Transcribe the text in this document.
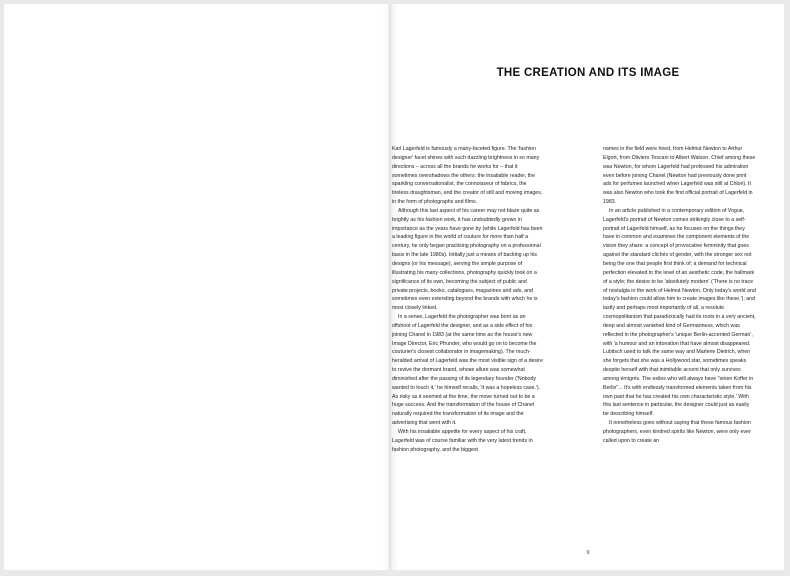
THE CREATION AND ITS IMAGE

Karl Lagerfeld is famously a many-faceted figure. The 'fashion designer' facet shines with such dazzling brightness in so many directions – across all the brands he works for – that it sometimes overshadows the others: the insatiable reader, the sparkling conversationalist, the connoisseur of fabrics, the tireless draughtsman, and the creator of still and moving images, in the form of photographs and films.

Although this last aspect of his career may not blaze quite as brightly as his fashion work, it has undoubtedly grown in importance as the years have gone by (while Lagerfeld has been a leading figure in the world of couture for more than half a century, he only began practising photography on a professional basis in the late 1980s). Initially just a means of backing up his designs (or his message), serving the simple purpose of illustrating his many collections, photography quickly took on a significance of its own, becoming the subject of public and private projects, books, catalogues, magazines and ads, and sometimes even extending beyond the brands with which he is most closely linked.

In a sense, Lagerfeld the photographer was born as an offshoot of Lagerfeld the designer, and as a side effect of his joining Chanel in 1983 (at the same time as the house's new Image Director, Eric Pfrunder, who would go on to become the couturier's closest collaborator in imagemaking). The much-heralded arrival of Lagerfeld was the most visible sign of a desire to revive the dormant brand, whose allure was somewhat diminished after the passing of its legendary founder ('Nobody wanted to touch it,' he himself recalls, 'it was a hopeless case.'). As risky as it seemed at the time, the move turned out to be a huge success. And the transformation of the house of Chanel naturally required the transformation of its image and the advertising that went with it.

With his insatiable appetite for every aspect of his craft, Lagerfeld was of course familiar with the very latest trends in fashion photography, and the biggest

names in the field were hired, from Helmut Newton to Arthur Elgort, from Oliviero Toscani to Albert Watson. Chief among these was Newton, for whom Lagerfeld had professed his admiration even before joining Chanel (Newton had previously done print ads for perfumes launched when Lagerfeld was still at Chloé). It was also Newton who took the first official portrait of Lagerfeld in 1983.

In an article published in a contemporary edition of Vogue, Lagerfeld's portrait of Newton comes strikingly close to a self-portrait of Lagerfeld himself, as he focuses on the things they have in common and examines the component elements of the vision they share: a concept of provocative femininity that goes against the standard clichés of gender, with the stronger sex not being the one that people first think of; a demand for technical perfection elevated to the level of an aesthetic code, the hallmark of a style; the desire to be 'absolutely modern' ('There is no trace of nostalgia in the work of Helmut Newton. Only today's world and today's fashion could allow him to create images like these.'); and lastly and perhaps most importantly of all, a resolute cosmopolitanism that paradoxically had its roots in a very ancient, deep and almost vanished kind of Germanness, which was reflected in the photographer's 'unique Berlin-accented German', with 'a humour and an intonation that have almost disappeared. Lubitsch used to talk the same way and Marlene Dietrich, when she forgets that she was a Hollywood star, sometimes speaks despite herself with that inimitable accent that only survives among émigrés. The exiles who will always have "einen Koffer in Berlin"... It's with endlessly transformed elements taken from his own past that he has created his own characteristic style.' With this last sentence in particular, the designer could just as easily be describing himself.

It nonetheless goes without saying that these famous fashion photographers, even kindred spirits like Newton, were only ever called upon to create an

9
